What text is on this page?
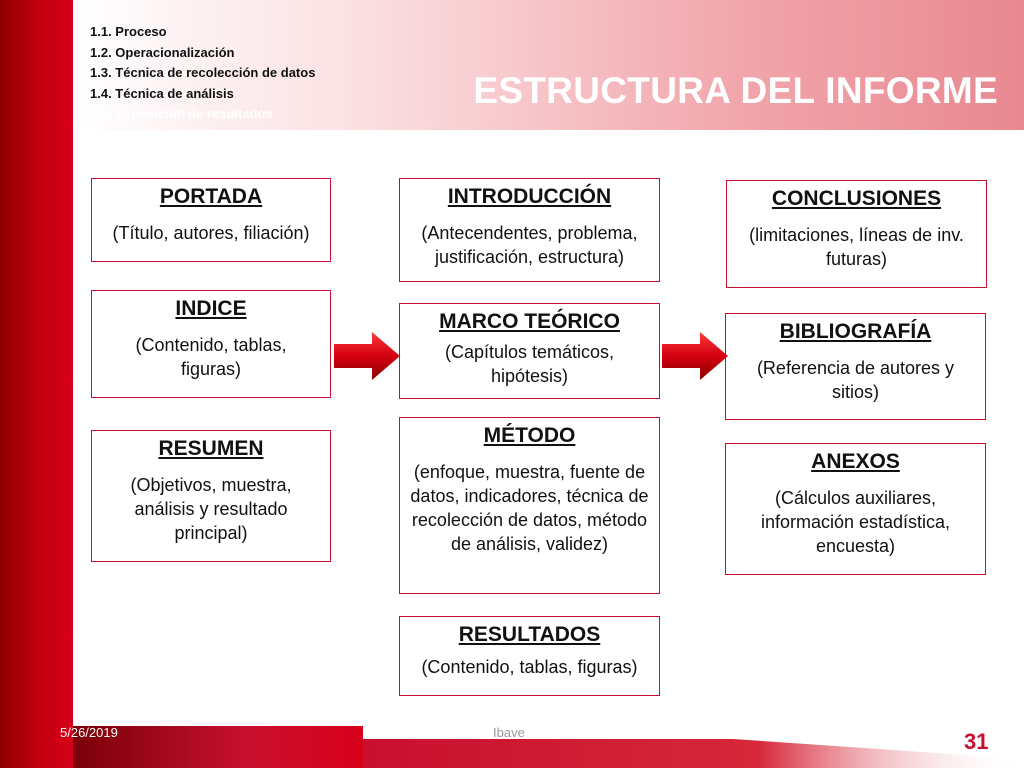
1.1. Proceso
1.2. Operacionalización
1.3. Técnica de recolección de datos
1.4. Técnica de análisis
1.5. Exposición de resultados
ESTRUCTURA DEL INFORME
PORTADA
(Título, autores, filiación)
INDICE
(Contenido, tablas, figuras)
RESUMEN
(Objetivos, muestra, análisis y resultado principal)
INTRODUCCIÓN
(Antecendentes, problema, justificación, estructura)
MARCO TEÓRICO
(Capítulos temáticos, hipótesis)
MÉTODO
(enfoque, muestra, fuente de datos, indicadores, técnica de recolección de datos, método de análisis, validez)
RESULTADOS
(Contenido, tablas, figuras)
CONCLUSIONES
(limitaciones, líneas de inv. futuras)
BIBLIOGRAFÍA
(Referencia de autores y sitios)
ANEXOS
(Cálculos auxiliares, información estadística, encuesta)
5/26/2019	Ibave	31
